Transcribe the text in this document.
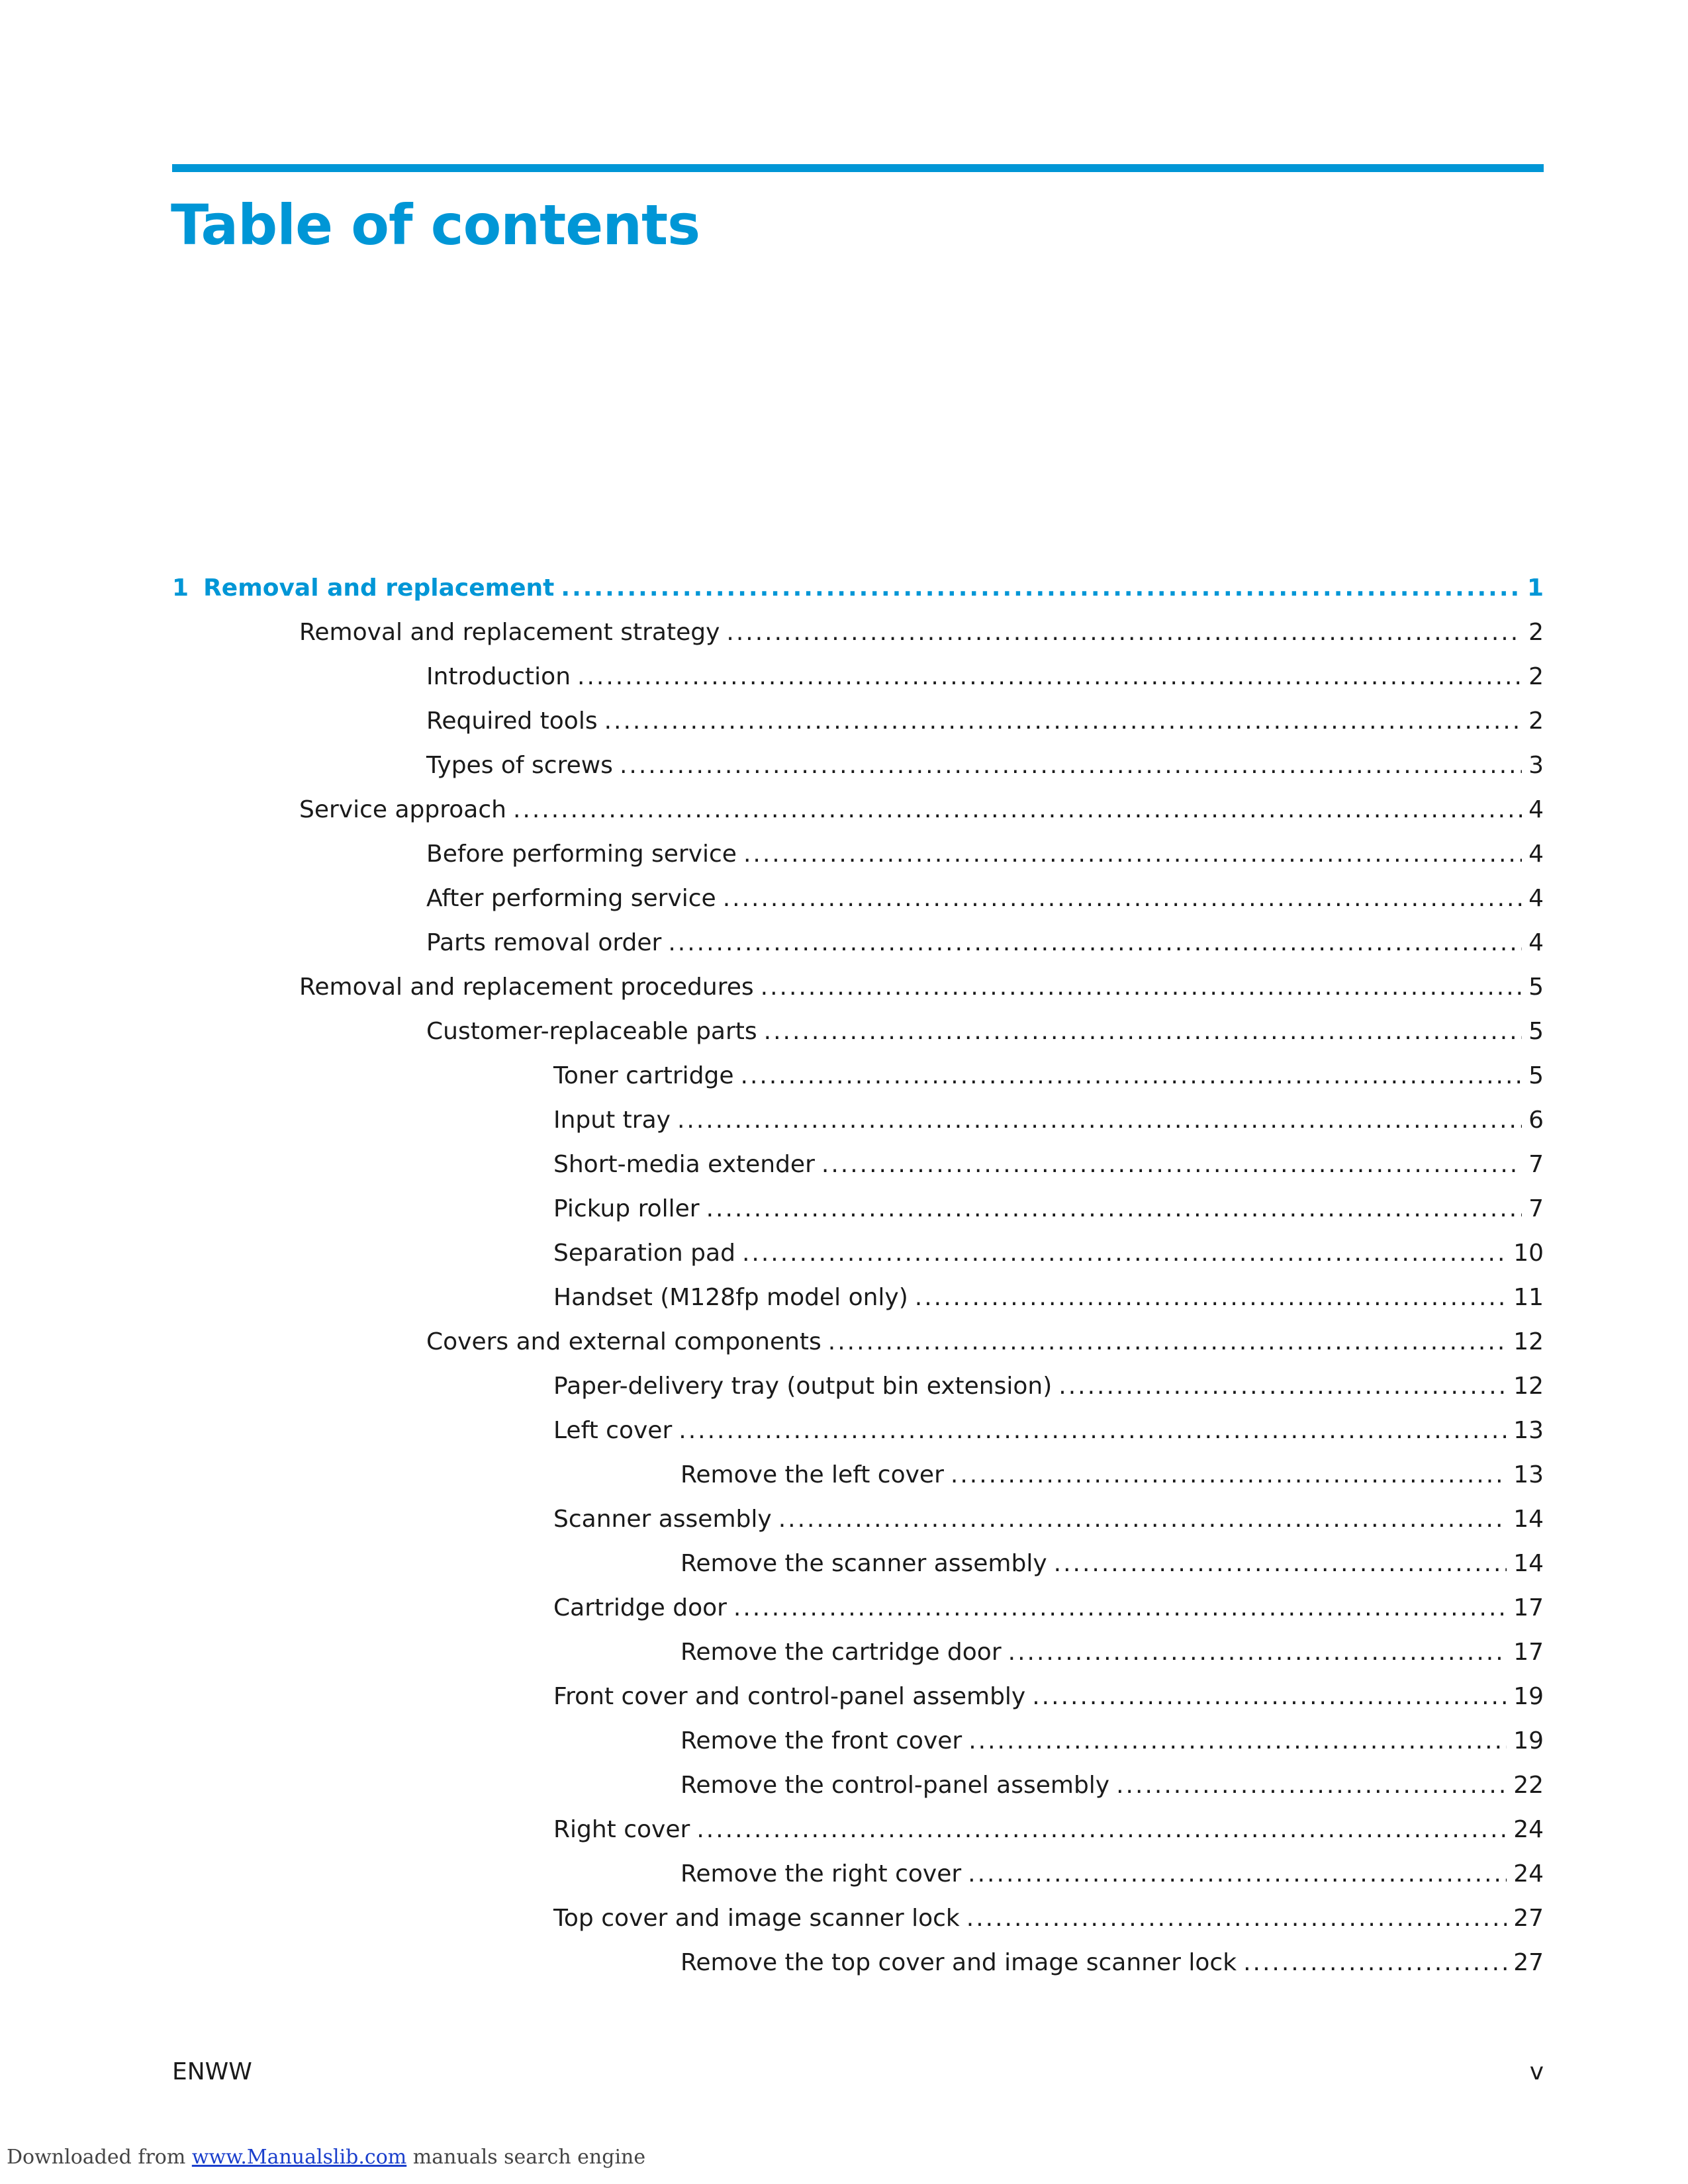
Table of contents
1 Removal and replacement .....	1
Removal and replacement strategy .....	2
Introduction .....	2
Required tools .....	2
Types of screws .....	3
Service approach .....	4
Before performing service .....	4
After performing service .....	4
Parts removal order .....	4
Removal and replacement procedures .....	5
Customer-replaceable parts .....	5
Toner cartridge .....	5
Input tray .....	6
Short-media extender .....	7
Pickup roller .....	7
Separation pad .....	10
Handset (M128fp model only) .....	11
Covers and external components .....	12
Paper-delivery tray (output bin extension) .....	12
Left cover .....	13
Remove the left cover .....	13
Scanner assembly .....	14
Remove the scanner assembly .....	14
Cartridge door .....	17
Remove the cartridge door .....	17
Front cover and control-panel assembly .....	19
Remove the front cover .....	19
Remove the control-panel assembly .....	22
Right cover .....	24
Remove the right cover .....	24
Top cover and image scanner lock .....	27
Remove the top cover and image scanner lock .....	27
ENWW	v
Downloaded from www.Manualslib.com manuals search engine
